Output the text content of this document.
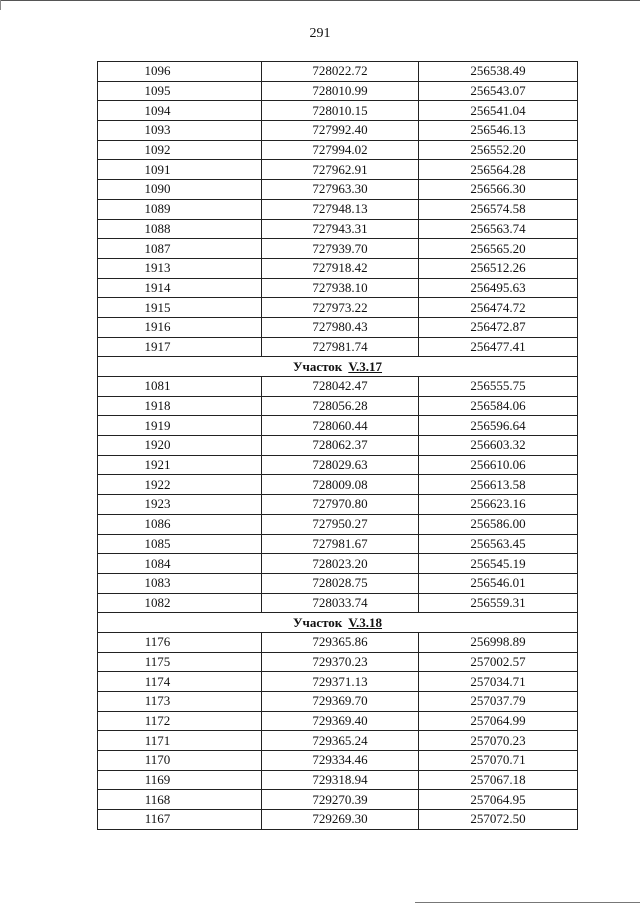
291
1096	728022.72	256538.49
1095	728010.99	256543.07
1094	728010.15	256541.04
1093	727992.40	256546.13
1092	727994.02	256552.20
1091	727962.91	256564.28
1090	727963.30	256566.30
1089	727948.13	256574.58
1088	727943.31	256563.74
1087	727939.70	256565.20
1913	727918.42	256512.26
1914	727938.10	256495.63
1915	727973.22	256474.72
1916	727980.43	256472.87
1917	727981.74	256477.41
Участок V.3.17		
1081	728042.47	256555.75
1918	728056.28	256584.06
1919	728060.44	256596.64
1920	728062.37	256603.32
1921	728029.63	256610.06
1922	728009.08	256613.58
1923	727970.80	256623.16
1086	727950.27	256586.00
1085	727981.67	256563.45
1084	728023.20	256545.19
1083	728028.75	256546.01
1082	728033.74	256559.31
Участок V.3.18		
1176	729365.86	256998.89
1175	729370.23	257002.57
1174	729371.13	257034.71
1173	729369.70	257037.79
1172	729369.40	257064.99
1171	729365.24	257070.23
1170	729334.46	257070.71
1169	729318.94	257067.18
1168	729270.39	257064.95
1167	729269.30	257072.50
